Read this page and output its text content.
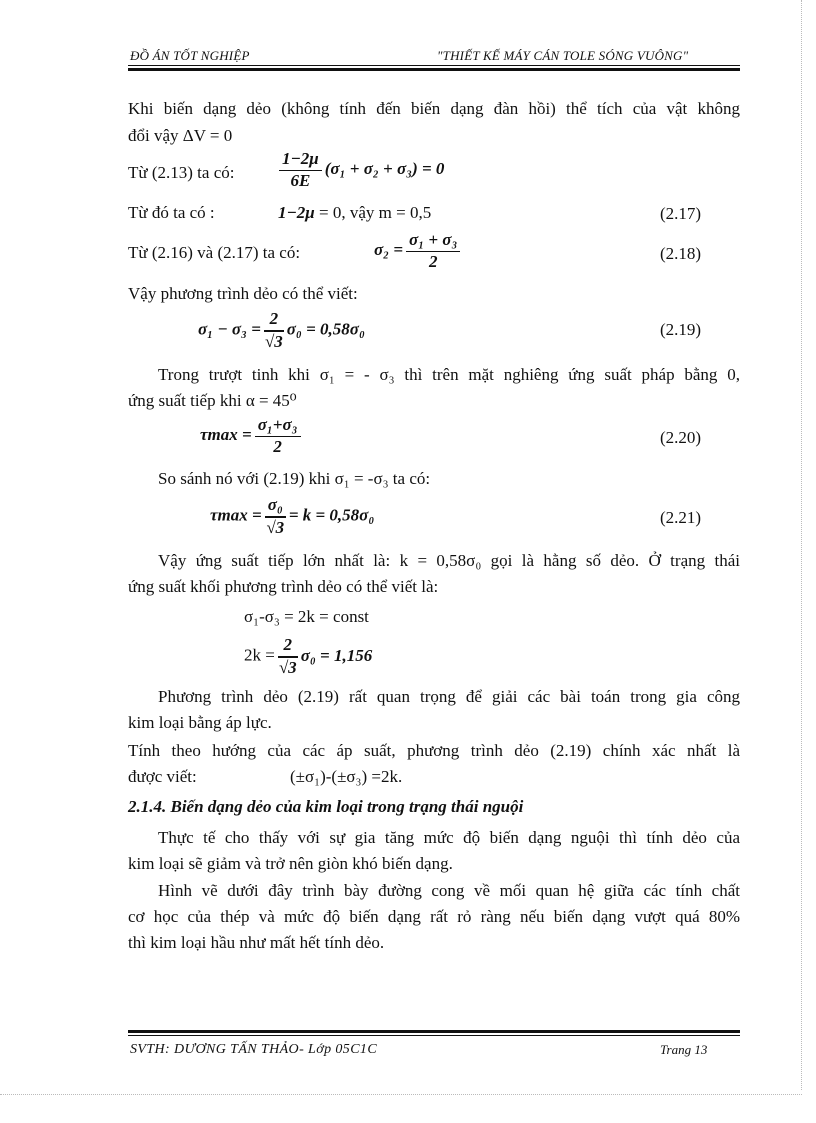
ĐỒ ÁN TỐT NGHIỆP	"THIẾT KẾ MÁY CÁN TOLE SÓNG VUÔNG"
Khi biến dạng dẻo (không tính đến biến dạng đàn hồi) thể tích của vật không
đổi vậy ΔV = 0
Từ (2.13) ta có:	$\frac{1-2\mu}{6E} (\sigma_1 + \sigma_2 + \sigma_3) = 0$
Từ đó ta có :	1−2μ = 0, vậy m = 0,5	(2.17)
Từ (2.16) và (2.17) ta có:	$\sigma_2 = \frac{\text{σ₁ + σ₃}}{2}$	(2.18)
Vậy phương trình dẻo có thể viết:
$\sigma_1 - \sigma_3 = \frac{2}{√3} \sigma_0 = 0,58\sigma_0$	(2.19)
Trong trượt tinh khi σ₁ = - σ₃ thì trên mặt nghiêng ứng suất pháp bằng 0,
ứng suất tiếp khi α = 45⁰
$\tau\max = \frac{\text{σ₁+σ₃}}{2}$	(2.20)
So sánh nó với (2.19) khi σ₁ = -σ₃ ta có:
$\tau\max = \frac{\text{σ₀}}{√3} = k = 0,58\sigma_0$	(2.21)
Vậy ứng suất tiếp lớn nhất là: k = 0,58σ₀ gọi là hằng số dẻo. Ở trạng thái
ứng suất khối phương trình dẻo có thể viết là:
σ₁-σ₃ = 2k = const
$2k = \frac{2}{√3} \sigma_0 = 1,156$
Phương trình dẻo (2.19) rất quan trọng để giải các bài toán trong gia công
kim loại bằng áp lực.
Tính theo hướng của các áp suất, phương trình dẻo (2.19) chính xác nhất là
được viết:	(±σ₁)-(±σ₃) =2k.
2.1.4. Biến dạng dẻo của kim loại trong trạng thái nguội
Thực tế cho thấy với sự gia tăng mức độ biến dạng nguội thì tính dẻo của
kim loại sẽ giảm và trở nên giòn khó biến dạng.
Hình vẽ dưới đây trình bày đường cong về mối quan hệ giữa các tính chất
cơ học của thép và mức độ biến dạng rất rỏ ràng nếu biến dạng vượt quá 80%
thì kim loại hầu như mất hết tính dẻo.
SVTH: DƯƠNG TẤN THẢO- Lớp 05C1C	Trang 13
